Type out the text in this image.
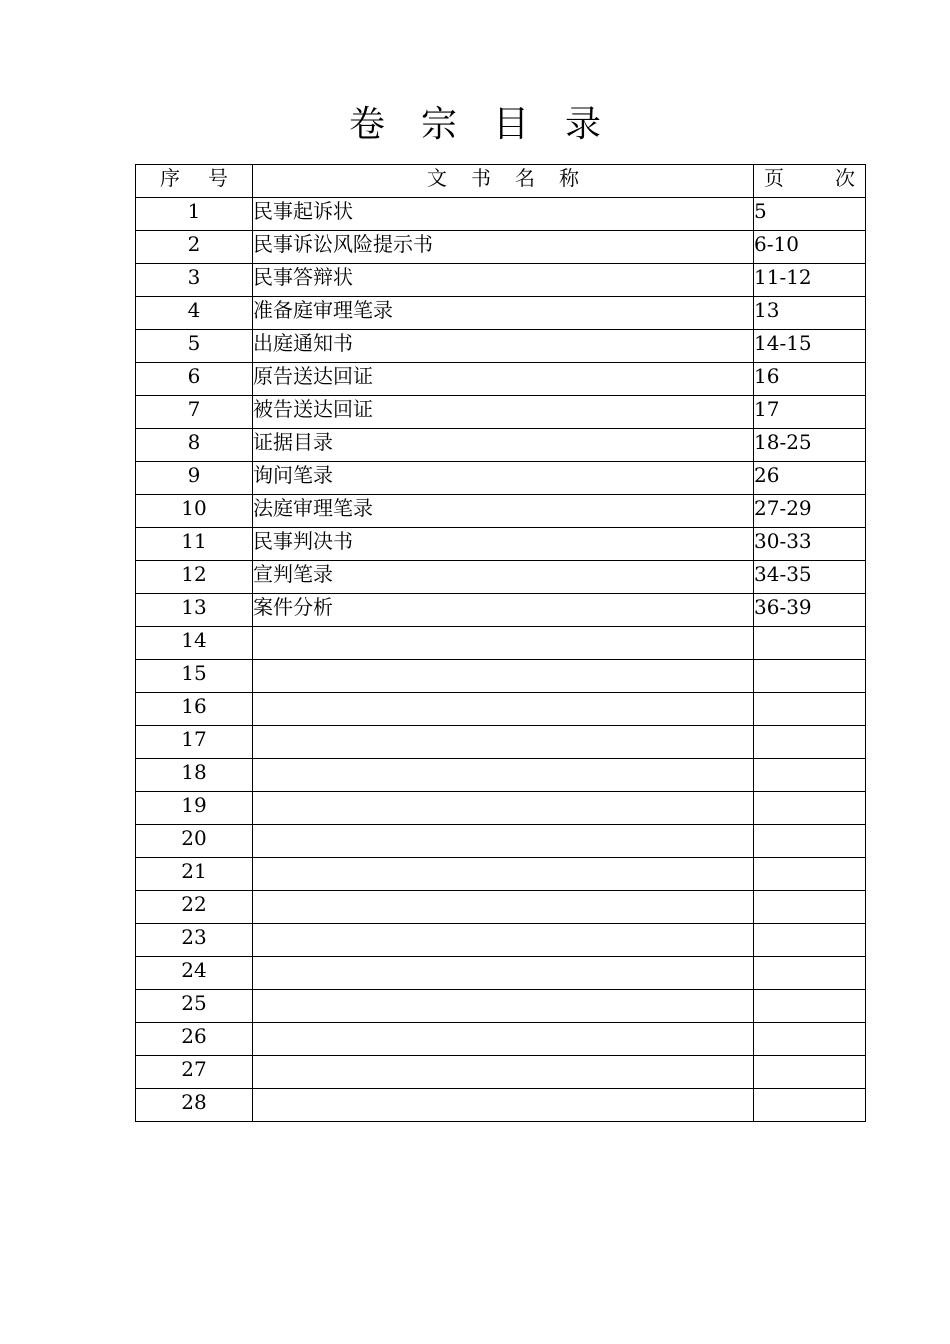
卷 宗 目 录
序 号	文 书 名 称	页 次

1	民事起诉状	5
2	民事诉讼风险提示书	6-10
3	民事答辩状	11-12
4	准备庭审理笔录	13
5	出庭通知书	14-15
6	原告送达回证	16
7	被告送达回证	17
8	证据目录	18-25
9	询问笔录	26
10	法庭审理笔录	27-29
11	民事判决书	30-33
12	宣判笔录	34-35
13	案件分析	36-39
14		
15		
16		
17		
18		
19		
20		
21		
22		
23		
24		
25		
26		
27		
28		
